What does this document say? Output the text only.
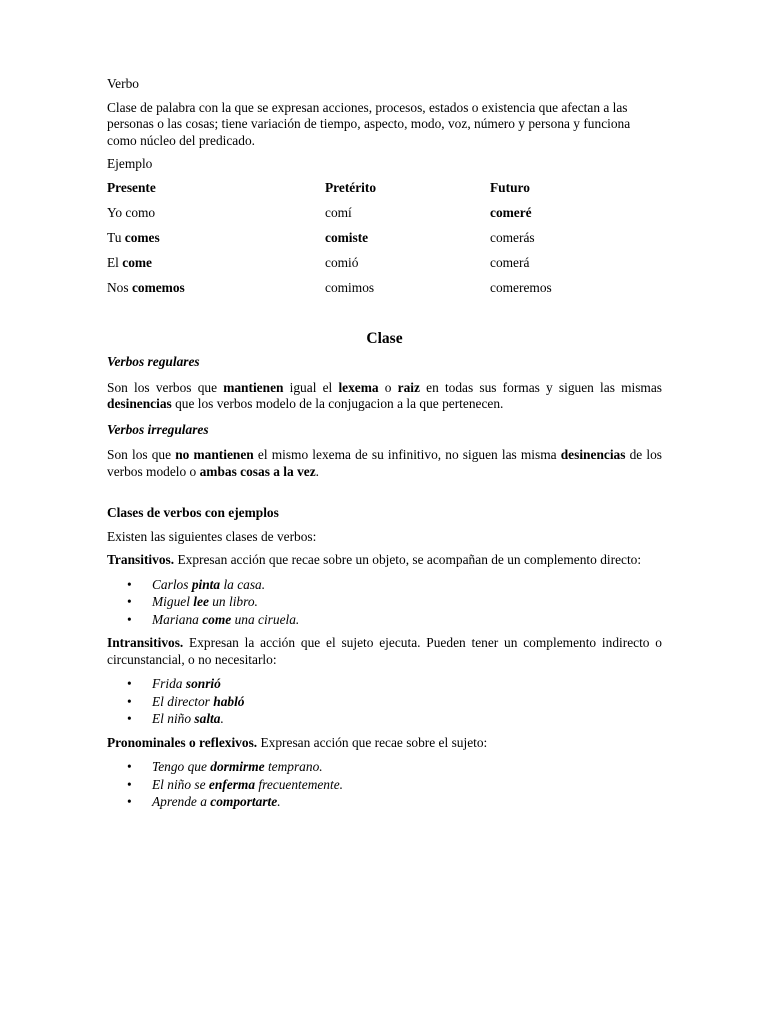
Verbo

Clase de palabra con la que se expresan acciones, procesos, estados o existencia que afectan a las personas o las cosas; tiene variación de tiempo, aspecto, modo, voz, número y persona y funciona como núcleo del predicado.

Ejemplo

Presente	Pretérito	Futuro
Yo como	comí	comeré
Tu comes	comiste	comerás
El come	comió	comerá
Nos comemos	comimos	comeremos

Clase

Verbos regulares

Son los verbos que mantienen igual el lexema o raiz en todas sus formas y siguen las mismas desinencias que los verbos modelo de la conjugacion a la que pertenecen.

Verbos irregulares

Son los que no mantienen el mismo lexema de su infinitivo, no siguen las misma desinencias de los verbos modelo o ambas cosas a la vez.

Clases de verbos con ejemplos

Existen las siguientes clases de verbos:

Transitivos. Expresan acción que recae sobre un objeto, se acompañan de un complemento directo:

• Carlos pinta la casa.
• Miguel lee un libro.
• Mariana come una ciruela.

Intransitivos. Expresan la acción que el sujeto ejecuta. Pueden tener un complemento indirecto o circunstancial, o no necesitarlo:

• Frida sonrió
• El director habló
• El niño salta.

Pronominales o reflexivos. Expresan acción que recae sobre el sujeto:

• Tengo que dormirme temprano.
• El niño se enferma frecuentemente.
• Aprende a comportarte.
